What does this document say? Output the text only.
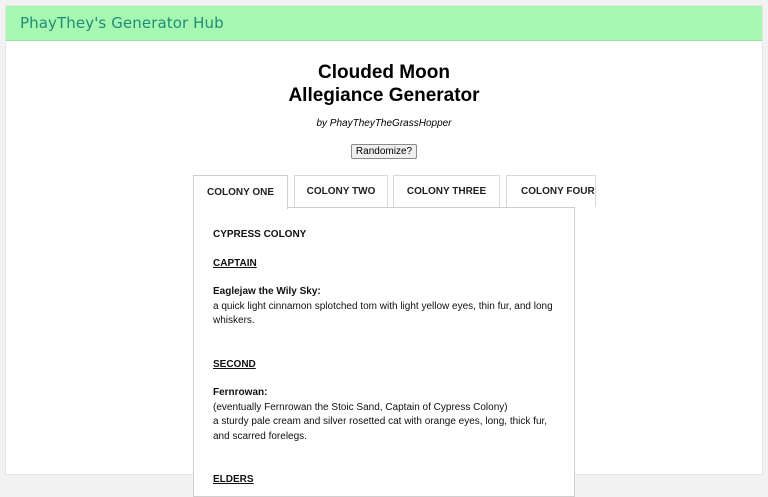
PhayThey's Generator Hub
Clouded Moon
Allegiance Generator
by PhayTheyTheGrassHopper
Randomize?
COLONY ONE	COLONY TWO	COLONY THREE	COLONY FOUR
CYPRESS COLONY
CAPTAIN
Eaglejaw the Wily Sky:
a quick light cinnamon splotched tom with light yellow eyes, thin fur, and long whiskers.
SECOND
Fernrowan:
(eventually Fernrowan the Stoic Sand, Captain of Cypress Colony)
a sturdy pale cream and silver rosetted cat with orange eyes, long, thick fur, and scarred forelegs.
ELDERS
